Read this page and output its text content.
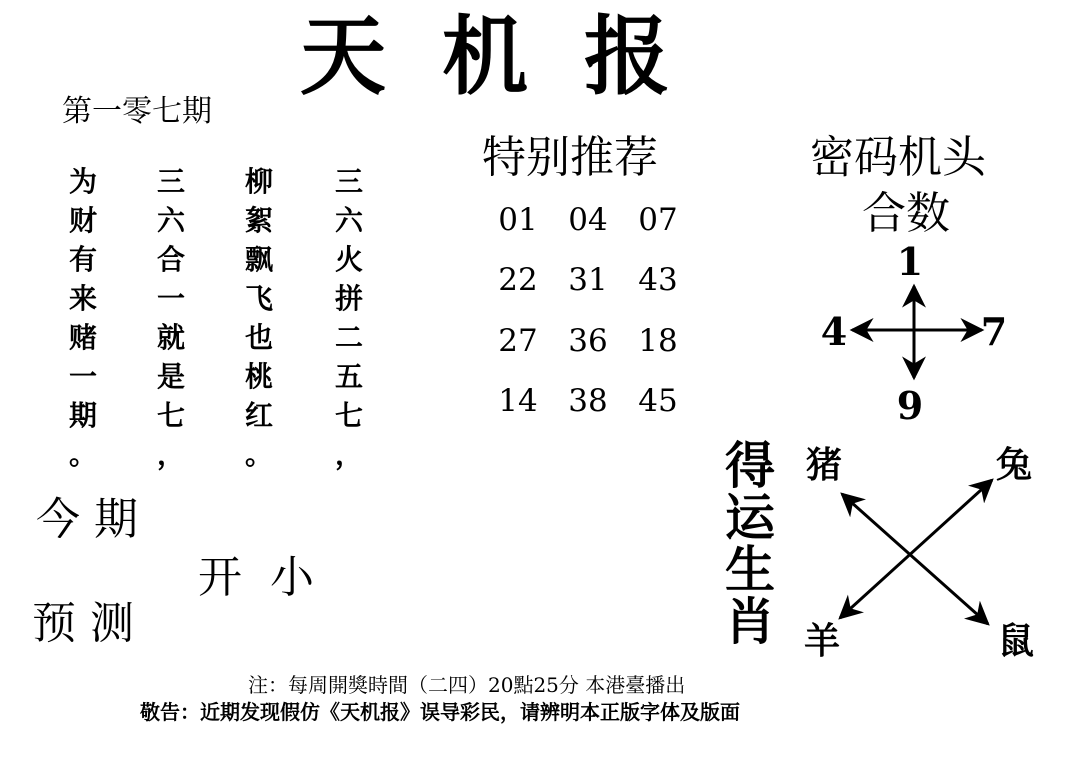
天机报
第一零七期
为
财
有
来
赌
一
期
。
三
六
合
一
就
是
七
，
柳
絮
飘
飞
也
桃
红
。
三
六
火
拼
二
五
七
，
今 期
开  小
预 测
特别推荐
01 04 07
22 31 43
27 36 18
14 38 45
密码机头
合数
1
4	7
9
得
运
生
肖
猪	兔
羊	鼠
注：每周開獎時間（二四）20點25分 本港臺播出
敬告：近期发现假仿《天机报》误导彩民，请辨明本正版字体及版面
